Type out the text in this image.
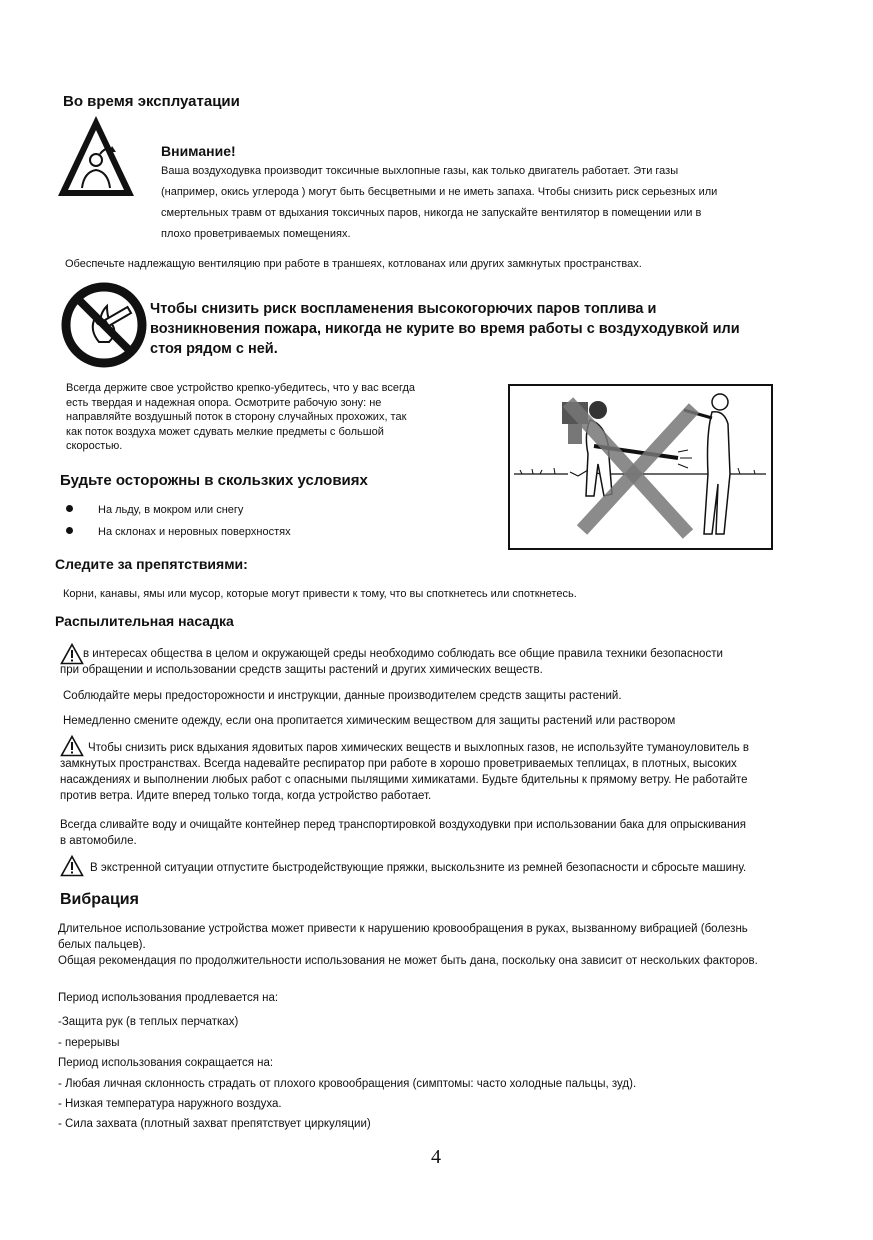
Во время эксплуатации
Внимание!
Ваша воздуходувка производит токсичные выхлопные газы, как только двигатель работает. Эти газы
(например, окись углерода ) могут быть бесцветными и не иметь запаха. Чтобы снизить риск серьезных или
смертельных травм от вдыхания токсичных паров, никогда не запускайте вентилятор в помещении или в
плохо проветриваемых помещениях.
Обеспечьте надлежащую вентиляцию при работе в траншеях, котлованах или других замкнутых пространствах.
Чтобы снизить риск воспламенения высокогорючих паров топлива и
возникновения пожара, никогда не курите во время работы с воздуходувкой или
стоя рядом с ней.
Всегда держите свое устройство крепко-убедитесь, что у вас всегда
есть твердая и надежная опора. Осмотрите рабочую зону: не
направляйте воздушный поток в сторону случайных прохожих, так
как поток воздуха может сдувать мелкие предметы с большой
скоростью.
Будьте осторожны в скользких условиях
На льду, в мокром или снегу
На склонах и неровных поверхностях
Следите за препятствиями:
Корни, канавы, ямы или мусор, которые могут привести к тому, что вы споткнетесь или споткнетесь.
Распылительная насадка
в интересах общества в целом и окружающей среды необходимо соблюдать все общие правила техники безопасности
при обращении и использовании средств защиты растений и других химических веществ.
Соблюдайте меры предосторожности и инструкции, данные производителем средств защиты растений.
Немедленно смените одежду, если она пропитается химическим веществом для защиты растений или раствором
Чтобы снизить риск вдыхания ядовитых паров химических веществ и выхлопных газов, не используйте туманоуловитель в
замкнутых пространствах. Всегда надевайте респиратор при работе в хорошо проветриваемых теплицах, в плотных, высоких
насаждениях и выполнении любых работ с опасными пылящими химикатами. Будьте бдительны к прямому ветру. Не работайте
против ветра. Идите вперед только тогда, когда устройство работает.
Всегда сливайте воду и очищайте контейнер перед транспортировкой воздуходувки при использовании бака для опрыскивания
в автомобиле.
В экстренной ситуации отпустите быстродействующие пряжки, выскользните из ремней безопасности и сбросьте машину.
Вибрация
Длительное использование устройства может привести к нарушению кровообращения в руках, вызванному вибрацией (болезнь
белых пальцев).
Общая рекомендация по продолжительности использования не может быть дана, поскольку она зависит от нескольких факторов.
Период использования продлевается на:
-Защита рук (в теплых перчатках)
- перерывы
Период использования сокращается на:
- Любая личная склонность страдать от плохого кровообращения (симптомы: часто холодные пальцы, зуд).
- Низкая температура наружного воздуха.
- Сила захвата (плотный захват препятствует циркуляции)
4
